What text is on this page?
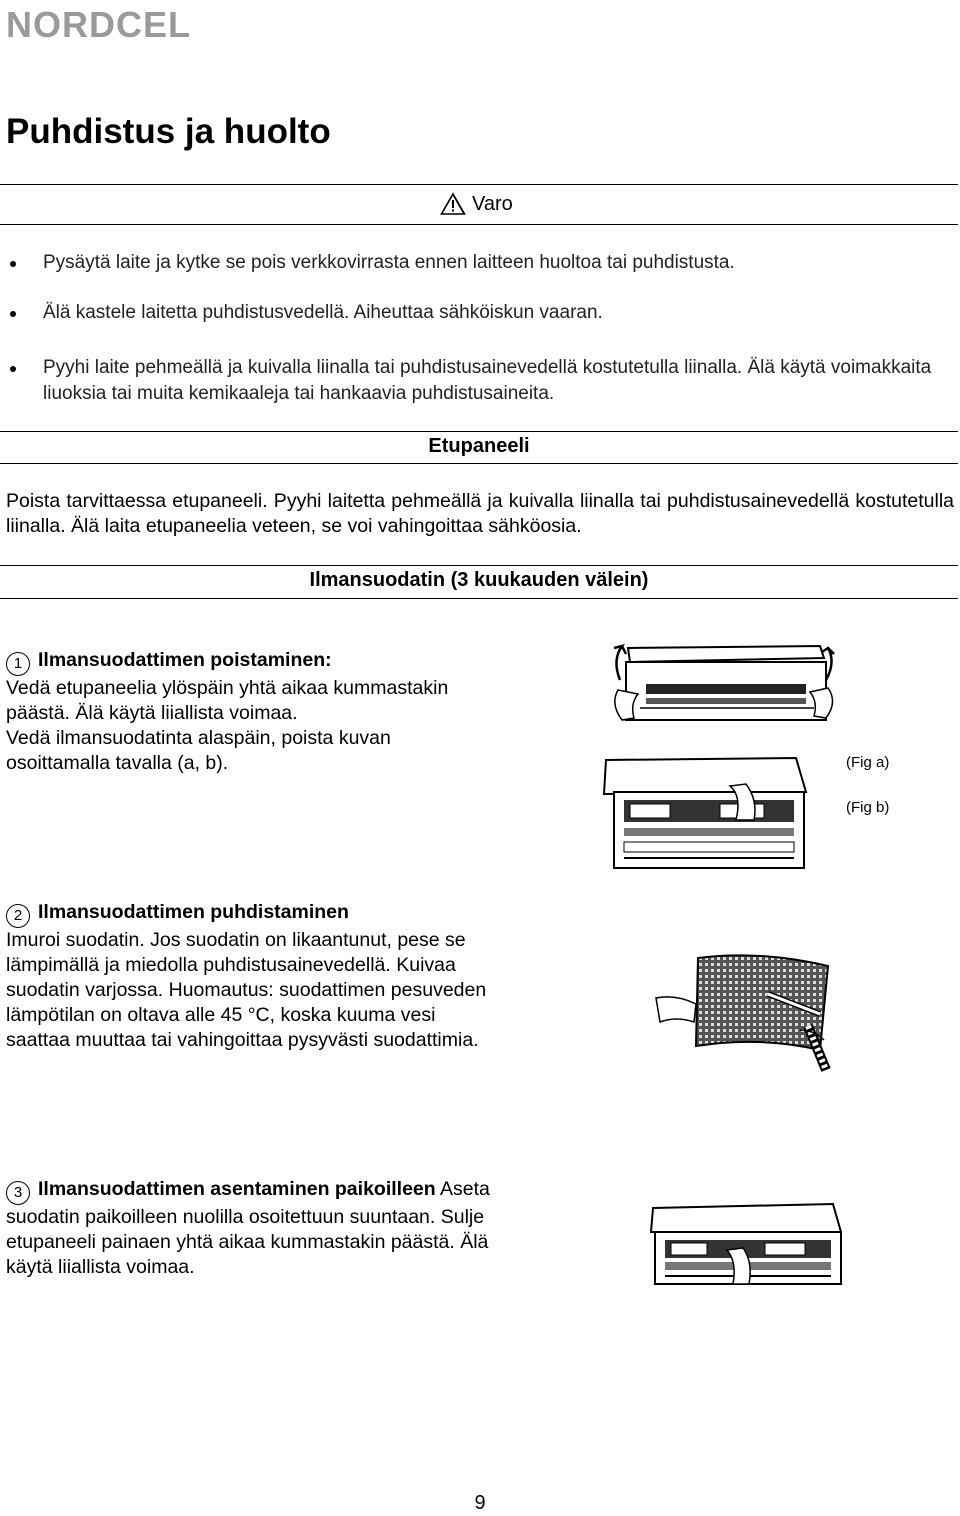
NORDCEL
Puhdistus ja huolto
Varo
Pysäytä laite ja kytke se pois verkkovirrasta ennen laitteen huoltoa tai puhdistusta.
Älä kastele laitetta puhdistusvedellä. Aiheuttaa sähköiskun vaaran.
Pyyhi laite pehmeällä ja kuivalla liinalla tai puhdistusainevedellä kostutetulla liinalla. Älä käytä voimakkaita liuoksia tai muita kemikaaleja tai hankaavia puhdistusaineita.
Etupaneeli
Poista tarvittaessa etupaneeli. Pyyhi laitetta pehmeällä ja kuivalla liinalla tai puhdistusainevedellä kostutetulla liinalla. Älä laita etupaneelia veteen, se voi vahingoittaa sähköosia.
Ilmansuodatin (3 kuukauden välein)
1 Ilmansuodattimen poistaminen:
Vedä etupaneelia ylöspäin yhtä aikaa kummastakin
päästä. Älä käytä liiallista voimaa.
Vedä ilmansuodatinta alaspäin, poista kuvan
osoittamalla tavalla (a, b).	(Fig a)
(Fig b)
2 Ilmansuodattimen puhdistaminen
Imuroi suodatin. Jos suodatin on likaantunut, pese se
lämpimällä ja miedolla puhdistusainevedellä. Kuivaa
suodatin varjossa. Huomautus: suodattimen pesuveden
lämpötilan on oltava alle 45 °C, koska kuuma vesi
saattaa muuttaa tai vahingoittaa pysyvästi suodattimia.
3 Ilmansuodattimen asentaminen paikoilleen Aseta
suodatin paikoilleen nuolilla osoitettuun suuntaan. Sulje
etupaneeli painaen yhtä aikaa kummastakin päästä. Älä
käytä liiallista voimaa.
9
